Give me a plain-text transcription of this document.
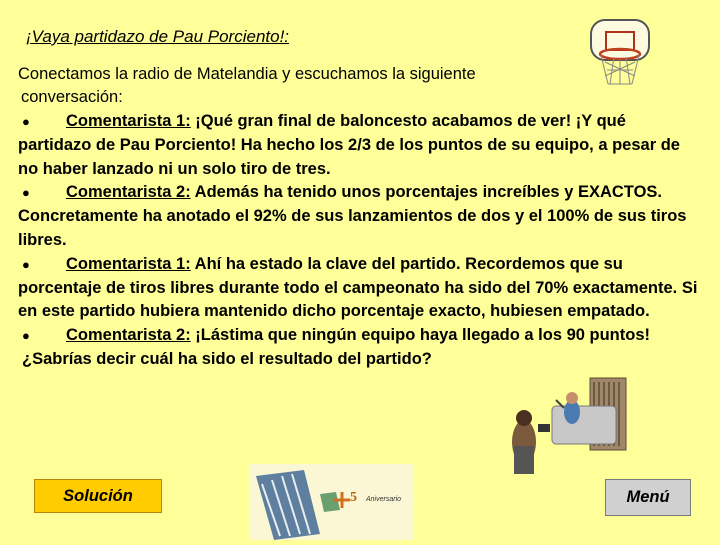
¡Vaya partidazo de Pau Porciento!:
Conectamos la radio de Matelandia y escuchamos la siguiente
conversación:

● Comentarista 1: ¡Qué gran final de baloncesto acabamos de ver! ¡Y qué partidazo de Pau Porciento! Ha hecho los 2/3 de los puntos de su equipo, a pesar de no haber lanzado ni un solo tiro de tres.

● Comentarista 2: Además ha tenido unos porcentajes increíbles y EXACTOS. Concretamente ha anotado el 92% de sus lanzamientos de dos y el 100% de sus tiros libres.

● Comentarista 1: Ahí ha estado la clave del partido. Recordemos que su porcentaje de tiros libres durante todo el campeonato ha sido del 70% exactamente. Si en este partido hubiera mantenido dicho porcentaje exacto, hubiesen empatado.

● Comentarista 2: ¡Lástima que ningún equipo haya llegado a los 90 puntos!

¿Sabrías decir cuál ha sido el resultado del partido?

Solución	5 Aniversario	Menú
